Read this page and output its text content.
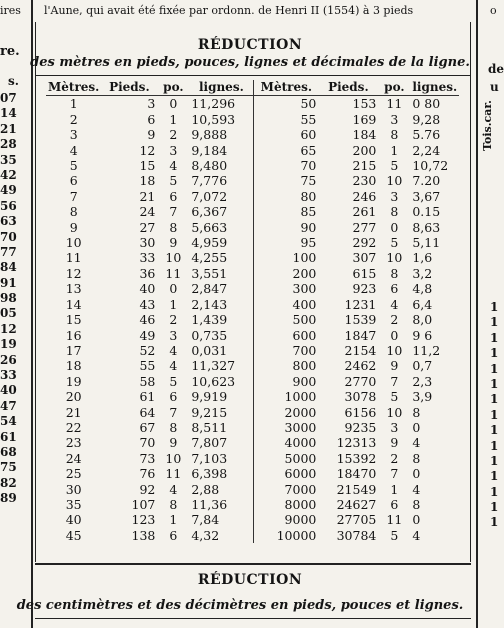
ires l'Aune, qui avait été fixée par ordonn. de Henri II (1554) à 3 pieds	o
re.
s.
07
14
21
28
35
42
49
56
63
70
77
84
91
98
05
12
19
26
33
40
47
54
61
68
75
82
89
de
u
Tois.car.
1
1
1
1
1
1
1
1
1
1
1
1
1
1
1
RÉDUCTION
des mètres en pieds, pouces, lignes et décimales de la ligne.
Mètres.	Pieds.	po.	lignes.	Mètres.	Pieds.	po.	lignes.
1	3	0	11,296	50	153	11	0 80
2	6	1	10,593	55	169	3	9,28
3	9	2	9,888	60	184	8	5.76
4	12	3	9,184	65	200	1	2,24
5	15	4	8,480	70	215	5	10,72
6	18	5	7,776	75	230	10	7.20
7	21	6	7,072	80	246	3	3,67
8	24	7	6,367	85	261	8	0.15
9	27	8	5,663	90	277	0	8,63
10	30	9	4,959	95	292	5	5,11
11	33	10	4,255	100	307	10	1,6
12	36	11	3,551	200	615	8	3,2
13	40	0	2,847	300	923	6	4,8
14	43	1	2,143	400	1231	4	6,4
15	46	2	1,439	500	1539	2	8,0
16	49	3	0,735	600	1847	0	9 6
17	52	4	0,031	700	2154	10	11,2
18	55	4	11,327	800	2462	9	0,7
19	58	5	10,623	900	2770	7	2,3
20	61	6	9,919	1000	3078	5	3,9
21	64	7	9,215	2000	6156	10	8
22	67	8	8,511	3000	9235	3	0
23	70	9	7,807	4000	12313	9	4
24	73	10	7,103	5000	15392	2	8
25	76	11	6,398	6000	18470	7	0
30	92	4	2,88	7000	21549	1	4
35	107	8	11,36	8000	24627	6	8
40	123	1	7,84	9000	27705	11	0
45	138	6	4,32	10000	30784	5	4
RÉDUCTION
des centimètres et des décimètres en pieds, pouces et lignes.
